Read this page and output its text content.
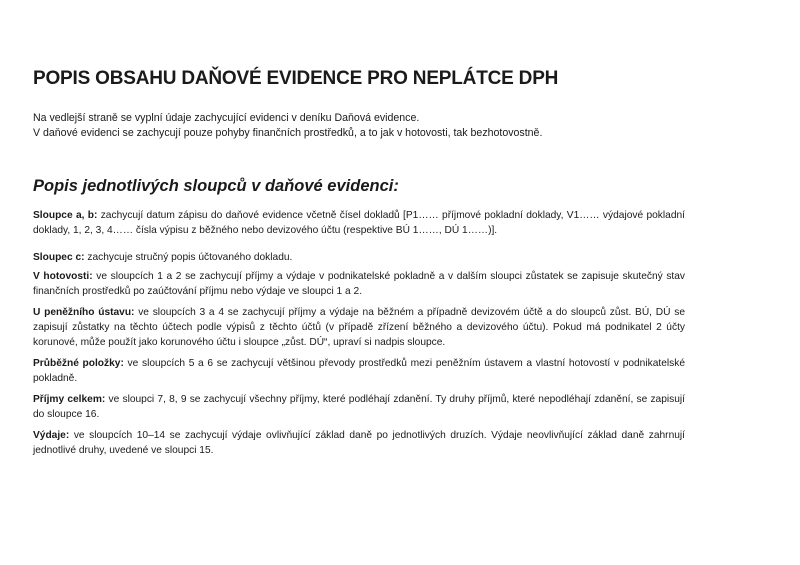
POPIS OBSAHU DAŇOVÉ EVIDENCE PRO NEPLÁTCE DPH

Na vedlejší straně se vyplní údaje zachycující evidenci v deníku Daňová evidence.

V daňové evidenci se zachycují pouze pohyby finančních prostředků, a to jak v hotovosti, tak bezhotovostně.

Popis jednotlivých sloupců v daňové evidenci:

Sloupce a, b: zachycují datum zápisu do daňové evidence včetně čísel dokladů [P1…… příjmové pokladní doklady, V1…… výdajové pokladní doklady, 1, 2, 3, 4…… čísla výpisu z běžného nebo devizového účtu (respektive BÚ 1……, DÚ 1……)].

Sloupec c: zachycuje stručný popis účtovaného dokladu.

V hotovosti: ve sloupcích 1 a 2 se zachycují příjmy a výdaje v podnikatelské pokladně a v dalším sloupci zůstatek se zapisuje skutečný stav finančních prostředků po zaúčtování příjmu nebo výdaje ve sloupci 1 a 2.

U peněžního ústavu: ve sloupcích 3 a 4 se zachycují příjmy a výdaje na běžném a případně devizovém účtě a do sloupců zůst. BÚ, DÚ se zapisují zůstatky na těchto účtech podle výpisů z těchto účtů (v případě zřízení běžného a devizového účtu). Pokud má podnikatel 2 účty korunové, může použít jako korunového účtu i sloupce „zůst. DÚ“, upraví si nadpis sloupce.

Průběžné položky: ve sloupcích 5 a 6 se zachycují většinou převody prostředků mezi peněžním ústavem a vlastní hotovostí v podnikatelské pokladně.

Příjmy celkem: ve sloupci 7, 8, 9 se zachycují všechny příjmy, které podléhají zdanění. Ty druhy příjmů, které nepodléhají zdanění, se zapisují do sloupce 16.

Výdaje: ve sloupcích 10–14 se zachycují výdaje ovlivňující základ daně po jednotlivých druzích. Výdaje neovlivňující základ daně zahrnují jednotlivé druhy, uvedené ve sloupci 15.
